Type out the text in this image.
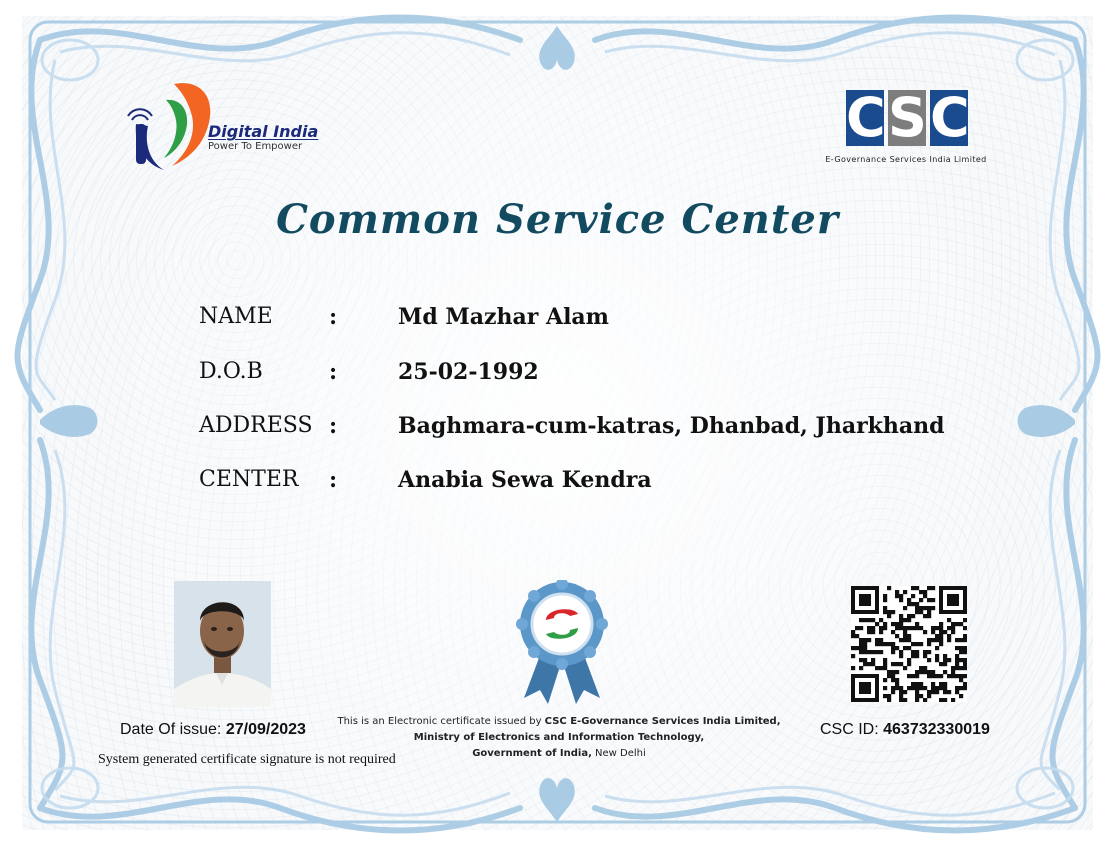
Digital India
Power To Empower	C S C
E-Governance Services India Limited
Common Service Center
NAME	:	Md Mazhar Alam
D.O.B	:	25-02-1992
ADDRESS :	Baghmara-cum-katras, Dhanbad, Jharkhand
CENTER :	Anabia Sewa Kendra
Date Of issue: 27/09/2023
System generated certificate signature is not required
This is an Electronic certificate issued by CSC E-Governance Services India Limited,
Ministry of Electronics and Information Technology,
Government of India, New Delhi
CSC ID: 463732330019
